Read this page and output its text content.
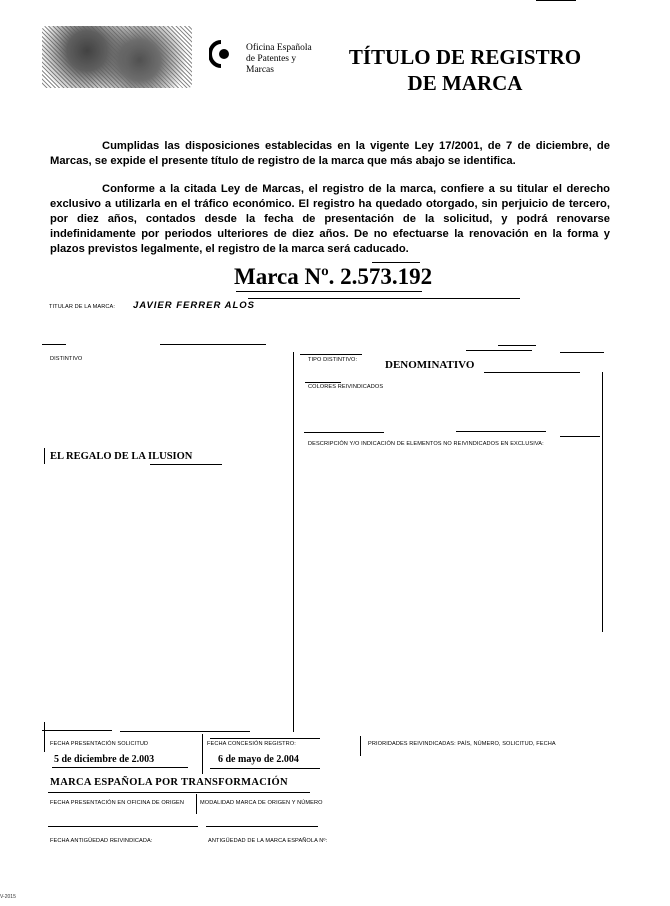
Oficina Española
de Patentes y Marcas
TÍTULO DE REGISTRO
DE MARCA
Cumplidas las disposiciones establecidas en la vigente Ley 17/2001, de 7 de diciembre, de Marcas, se expide el presente título de registro de la marca que más abajo se identifica.
Conforme a la citada Ley de Marcas, el registro de la marca, confiere a su titular el derecho exclusivo a utilizarla en el tráfico económico. El registro ha quedado otorgado, sin perjuicio de tercero, por diez años, contados desde la fecha de presentación de la solicitud, y podrá renovarse indefinidamente por periodos ulteriores de diez años. De no efectuarse la renovación en la forma y plazos previstos legalmente, el registro de la marca será caducado.
Marca Nº. 2.573.192
TITULAR DE LA MARCA: JAVIER FERRER ALOS
DISTINTIVO	TIPO DISTINTIVO:	DENOMINATIVO
COLORES REIVINDICADOS
DESCRIPCIÓN Y/O INDICACIÓN DE ELEMENTOS NO REIVINDICADOS EN EXCLUSIVA:
EL REGALO DE LA ILUSION
FECHA PRESENTACIÓN SOLICITUD	FECHA CONCESIÓN REGISTRO:	PRIORIDADES REIVINDICADAS: PAÍS, NÚMERO, SOLICITUD, FECHA
5 de diciembre de 2.003	6 de mayo de 2.004
MARCA ESPAÑOLA POR TRANSFORMACIÓN
FECHA PRESENTACIÓN EN OFICINA DE ORIGEN	MODALIDAD MARCA DE ORIGEN Y NÚMERO
FECHA ANTIGÜEDAD REIVINDICADA:	ANTIGÜEDAD DE LA MARCA ESPAÑOLA Nº:
V-2015
